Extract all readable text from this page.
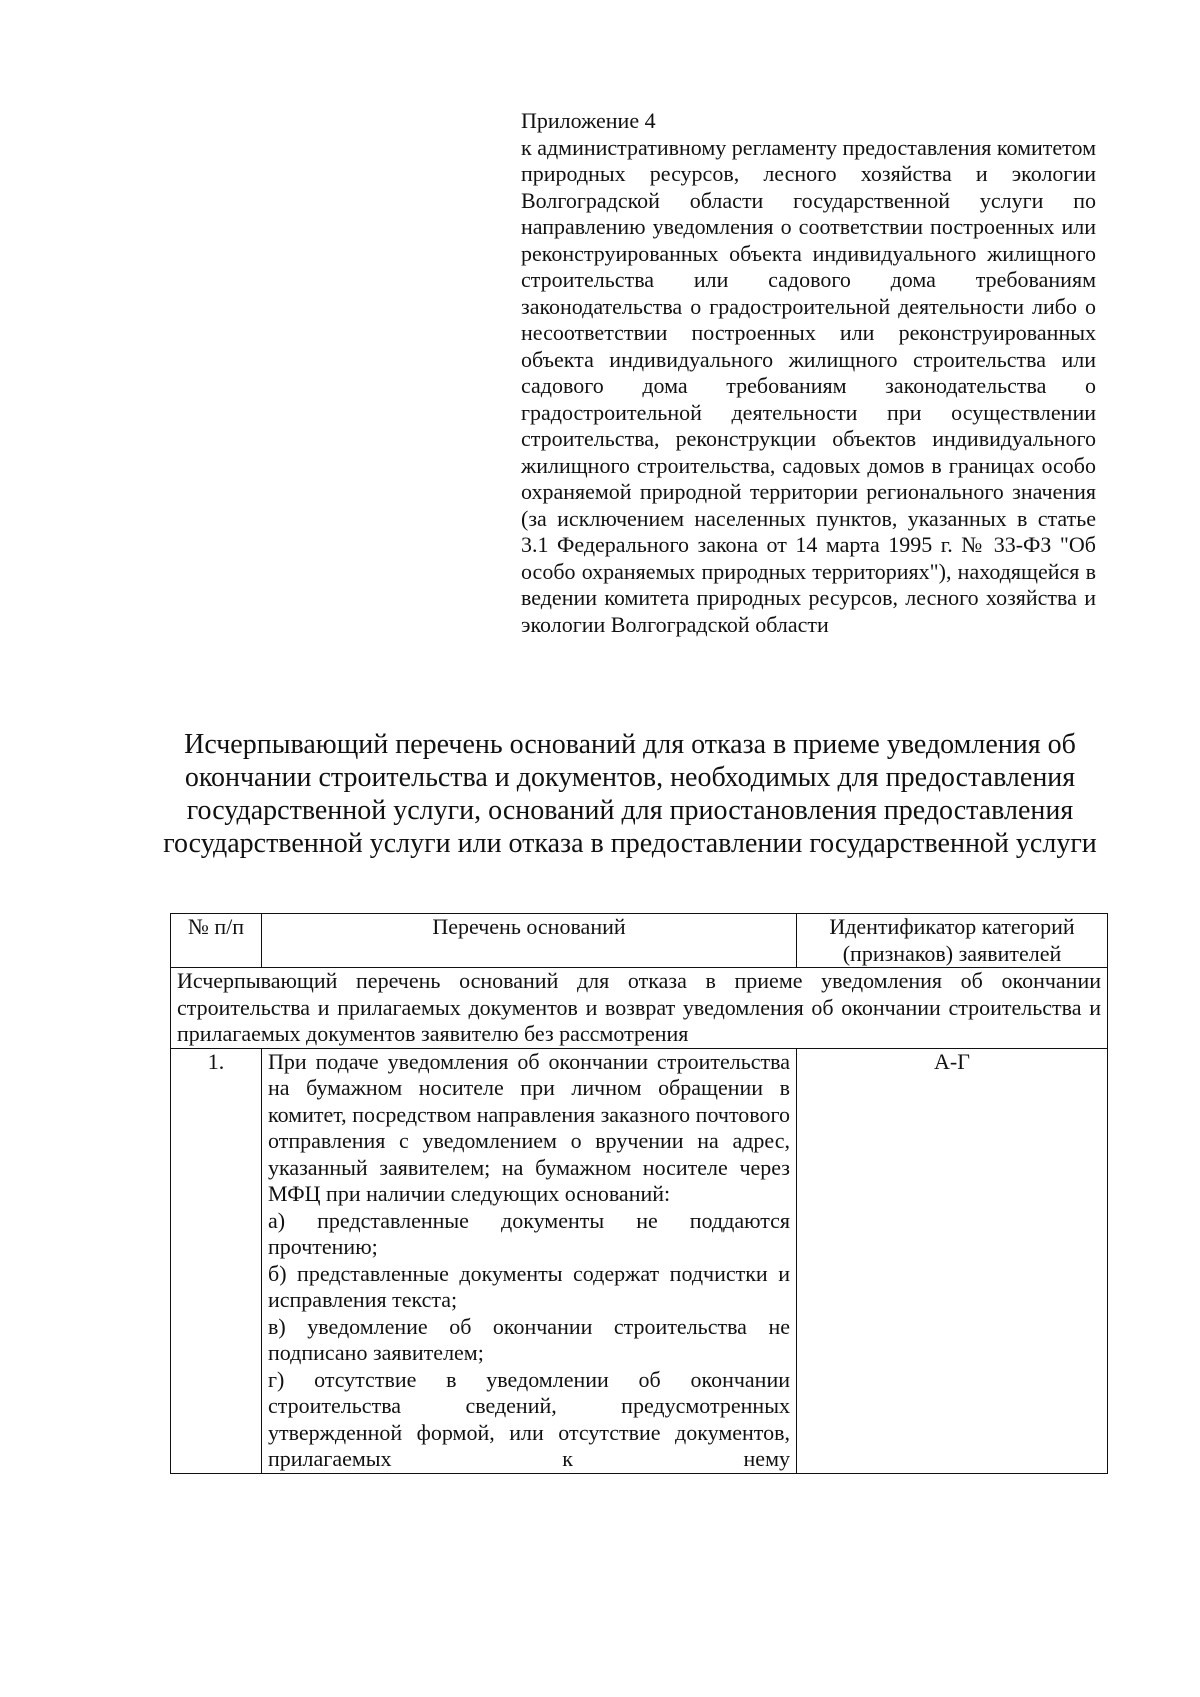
Приложение 4

к административному регламенту предоставления комитетом природных ресурсов, лесного хозяйства и экологии Волгоградской области государственной услуги по направлению уведомления о соответствии построенных или реконструированных объекта индивидуального жилищного строительства или садового дома требованиям законодательства о градостроительной деятельности либо о несоответствии построенных или реконструированных объекта индивидуального жилищного строительства или садового дома требованиям законодательства о градостроительной деятельности при осуществлении строительства, реконструкции объектов индивидуального жилищного строительства, садовых домов в границах особо охраняемой природной территории регионального значения (за исключением населенных пунктов, указанных в статье 3.1 Федерального закона от 14 марта 1995 г. № 33-ФЗ "Об особо охраняемых природных территориях"), находящейся в ведении комитета природных ресурсов, лесного хозяйства и экологии Волгоградской области

Исчерпывающий перечень оснований для отказа в приеме уведомления об окончании строительства и документов, необходимых для предоставления государственной услуги, оснований для приостановления предоставления государственной услуги или отказа в предоставлении государственной услуги
№ п/п	Перечень оснований	Идентификатор категорий (признаков) заявителей
Исчерпывающий перечень оснований для отказа в приеме уведомления об окончании строительства и прилагаемых документов и возврат уведомления об окончании строительства и прилагаемых документов заявителю без рассмотрения		
1.	При подаче уведомления об окончании строительства на бумажном носителе при личном обращении в комитет, посредством направления заказного почтового отправления с уведомлением о вручении на адрес, указанный заявителем; на бумажном носителе через МФЦ при наличии следующих оснований:
а) представленные документы не поддаются прочтению;
б) представленные документы содержат подчистки и исправления текста;
в) уведомление об окончании строительства не подписано заявителем;
г) отсутствие в уведомлении об окончании строительства сведений, предусмотренных утвержденной формой, или отсутствие документов, прилагаемых к нему	А-Г
